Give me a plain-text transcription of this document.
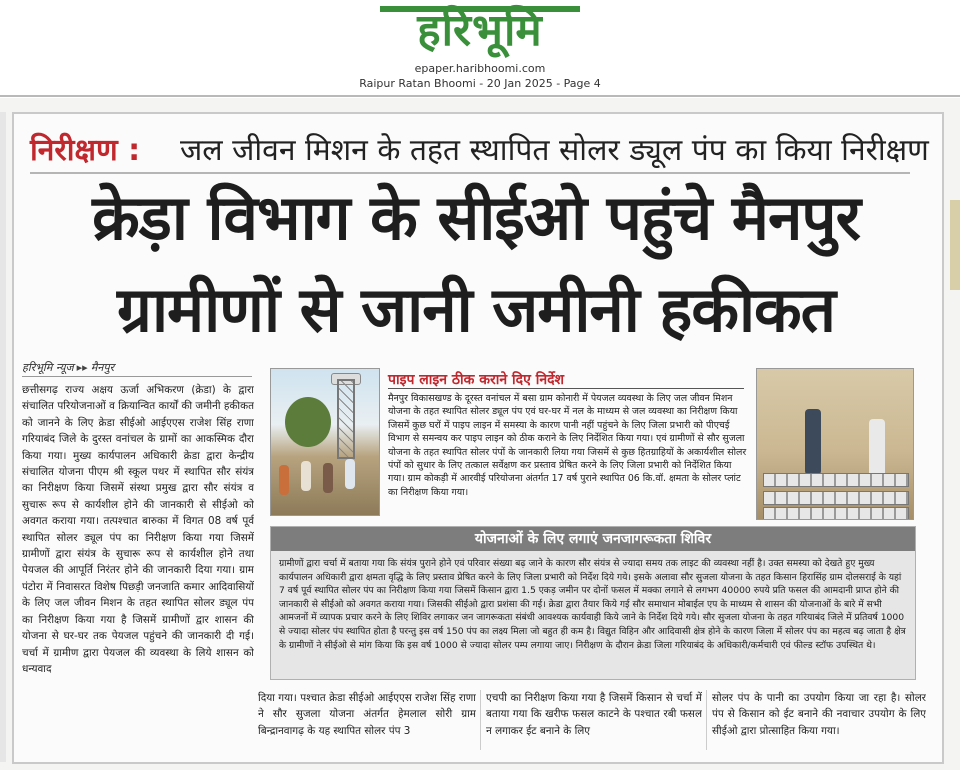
हरिभूमि
epaper.haribhoomi.com
Raipur Ratan Bhoomi - 20 Jan 2025 - Page 4
निरीक्षण : जल जीवन मिशन के तहत स्थापित सोलर ड्यूल पंप का किया निरीक्षण
क्रेड़ा विभाग के सीईओ पहुंचे मैनपुर
ग्रामीणों से जानी जमीनी हकीकत
हरिभूमि न्यूज ▸▸ मैनपुर
छत्तीसगढ़ राज्य अक्षय ऊर्जा अभिकरण (क्रेडा) के द्वारा संचालित परियोजनाओं व क्रियान्वित कार्यों की जमीनी हकीकत को जानने के लिए क्रेडा सीईओ आईएएस राजेश सिंह राणा गरियाबंद जिले के दुरस्त वनांचल के ग्रामों का आकस्मिक दौरा किया गया। मुख्य कार्यपालन अधिकारी क्रेडा द्वारा केन्द्रीय संचालित योजना पीएम श्री स्कूल पथर में स्थापित सौर संयंत्र का निरीक्षण किया जिसमें संस्था प्रमुख द्वारा सौर संयंत्र व सुचारू रूप से कार्यशील होने की जानकारी से सीईओ को अवगत कराया गया। तत्पश्चात बारुका में विगत 08 वर्ष पूर्व स्थापित सोलर ड्यूल पंप का निरीक्षण किया गया जिसमें ग्रामीणों द्वारा संयंत्र के सुचारू रूप से कार्यशील होने तथा पेयजल की आपूर्ति निरंतर होने की जानकारी दिया गया। ग्राम पंटोरा में निवासरत विशेष पिछड़ी जनजाति कमार आदिवासियों के लिए जल जीवन मिशन के तहत स्थापित सोलर ड्यूल पंप का निरीक्षण किया गया है जिसमें ग्रामीणों द्वार शासन की योजना से घर-घर तक पेयजल पहुंचने की जानकारी दी गई। चर्चा में ग्रामीण द्वारा पेयजल की व्यवस्था के लिये शासन को धन्यवाद
पाइप लाइन ठीक कराने दिए निर्देश
मैनपुर विकासखण्ड के दूरस्त वनांचल में बसा ग्राम कोनारी में पेयजल व्यवस्था के लिए जल जीवन मिशन योजना के तहत स्थापित सोलर ड्यूल पंप एवं घर-घर में नल के माध्यम से जल व्यवस्था का निरीक्षण किया जिसमें कुछ घरों में पाइप लाइन में समस्या के कारण पानी नहीं पहुंचने के लिए जिला प्रभारी को पीएचई विभाग से समन्वय कर पाइप लाइन को ठीक कराने के लिए निर्देशित किया गया। एवं ग्रामीणों से सौर सुजला योजना के तहत स्थापित सोलर पंपों के जानकारी लिया गया जिसमें से कुछ हितग्राहियों के अकार्यशील सोलर पंपों को सुधार के लिए तत्काल सर्वेक्षण कर प्रस्ताव प्रेषित करने के लिए जिला प्रभारी को निर्देशित किया गया। ग्राम कोकड़ी में आरवीई परियोजना अंतर्गत 17 वर्ष पुराने स्थापित 06 कि.वॉ. क्षमता के सोलर प्लांट का निरीक्षण किया गया।
योजनाओं के लिए लगाएं जनजागरूकता शिविर
ग्रामीणों द्वारा चर्चा में बताया गया कि संयंत्र पुराने होने एवं परिवार संख्या बढ़ जाने के कारण सौर संयंत्र से ज्यादा समय तक लाइट की व्यवस्था नहीं है। उक्त समस्या को देखते हुए मुख्य कार्यपालन अधिकारी द्वारा क्षमता वृद्धि के लिए प्रस्ताव प्रेषित करने के लिए जिला प्रभारी को निर्देश दिये गये। इसके अलावा सौर सुजला योजना के तहत किसान हिरासिंह ग्राम दोलसराई के यहां 7 वर्ष पूर्व स्थापित सोलर पंप का निरीक्षण किया गया जिसमें किसान द्वारा 1.5 एकड़ जमीन पर दोनों फसल में मक्का लगाने से लगभग 40000 रुपये प्रति फसल की आमदानी प्राप्त होने की जानकारी से सीईओ को अवगत कराया गया। जिसकी सीईओ द्वारा प्रशंसा की गई। क्रेडा द्वारा तैयार किये गई सौर समाधान मोबाईल एप के माध्यम से शासन की योजनाओं के बारे में सभी आमजनों में व्यापक प्रचार करने के लिए शिविर लगाकर जन जागरूकता संबंधी आवश्यक कार्यवाही किये जाने के निर्देश दिये गये। सौर सुजला योजना के तहत गरियाबंद जिले में प्रतिवर्ष 1000 से ज्यादा सोलर पंप स्थापित होता है परन्तु इस वर्ष 150 पंप का लक्ष्य मिला जो बहुत ही कम है। विद्युत विहिन और आदिवासी क्षेत्र होने के कारण जिला में सोलर पंप का महत्व बढ़ जाता है क्षेत्र के ग्रामीणों ने सीईओ से मांग किया कि इस वर्ष 1000 से ज्यादा सोलर पम्प लगाया जाए। निरीक्षण के दौरान क्रेडा जिला गरियाबंद के अधिकारी/कर्मचारी एवं फील्ड स्टॉफ उपस्थित थे।
दिया गया। पश्चात क्रेडा सीईओ आईएएस राजेश सिंह राणा ने सौर सुजला योजना अंतर्गत हेमलाल सोरी ग्राम बिन्द्रानवागढ़ के यह स्थापित सोलर पंप 3
एचपी का निरीक्षण किया गया है जिसमें किसान से चर्चा में बताया गया कि खरीफ फसल काटने के पश्चात रबी फसल न लगाकर ईट बनाने के लिए
सोलर पंप के पानी का उपयोग किया जा रहा है। सोलर पंप से किसान को ईट बनाने की नवाचार उपयोग के लिए सीईओ द्वारा प्रोत्साहित किया गया।
